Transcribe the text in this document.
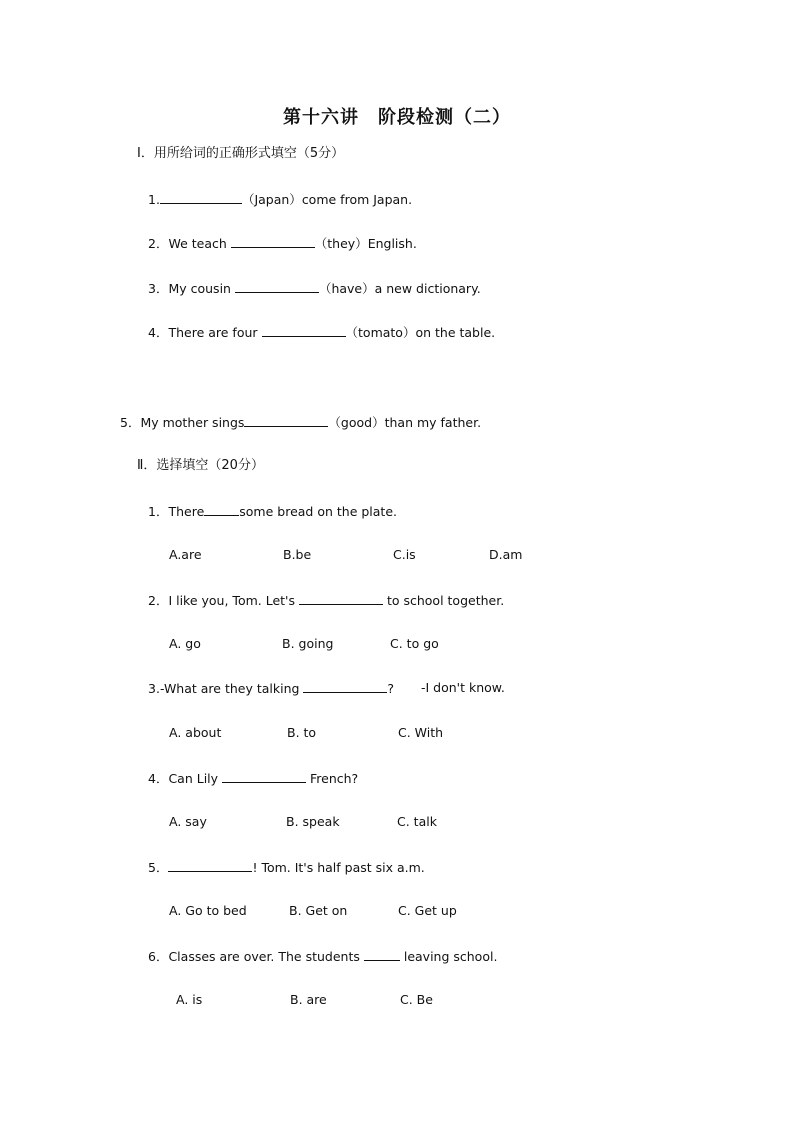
第十六讲　阶段检测（二）
Ⅰ．用所给词的正确形式填空（5分）
1.	（Japan）come from Japan.
2．We teach	（they）English.
3．My cousin	（have）a new dictionary.
4．There are four	（tomato）on the table.
5．My mother sings	（good）than my father.
Ⅱ．选择填空（20分）
1．There	some bread on the plate.
A.are	B.be	C.is	D.am
2．I like you, Tom. Let's	to school together.
A. go	B. going	C. to go
3.-What are they talking	? -I don't know.
A. about	B. to	C. With
4．Can Lily	French?
A. say	B. speak	C. talk
5．	! Tom. It's half past six a.m.
A. Go to bed	B. Get on	C. Get up
6．Classes are over. The students	leaving school.
A. is	B. are	C. Be
